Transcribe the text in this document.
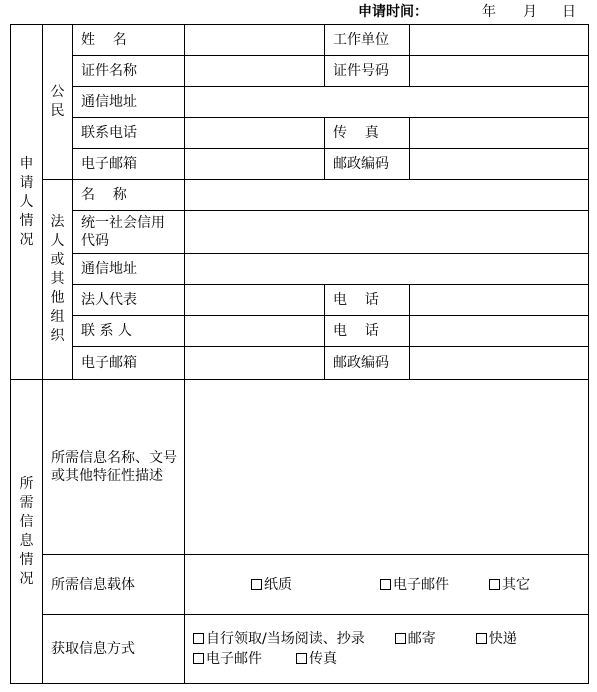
申请时间：	年 月 日
申请人情况	公民	姓    名		工作单位	
		证件名称		证件号码	
		通信地址			
		联系电话		传    真	
		电子邮箱		邮政编码	
	法人或其他组织	名    称			
		统一社会信用代码			
		通信地址			
		法人代表		电    话	
		联 系 人		电    话	
		电子邮箱		邮政编码	
所需信息情况	所需信息名称、文号或其他特征性描述				
	所需信息载体		纸质 电子邮件 其它		
	获取信息方式		自行领取/当场阅读、抄录 邮寄 快递
电子邮件 传真		
